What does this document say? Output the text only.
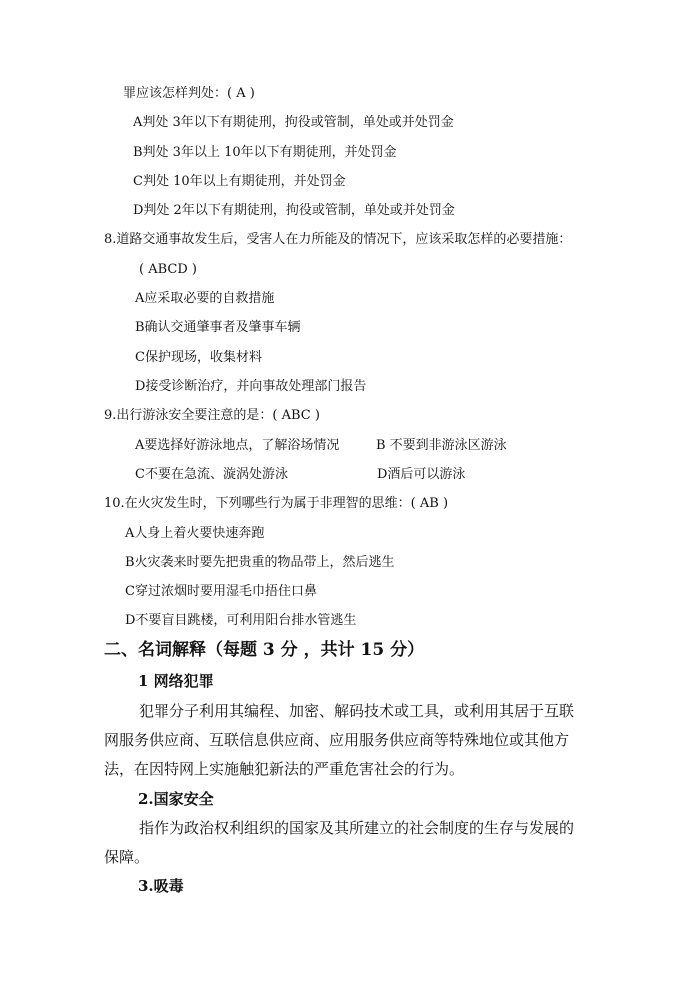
罪应该怎样判处：( A )
A判处 3年以下有期徒刑，拘役或管制，单处或并处罚金
B判处 3年以上 10年以下有期徒刑，并处罚金
C判处 10年以上有期徒刑，并处罚金
D判处 2年以下有期徒刑，拘役或管制，单处或并处罚金
8.道路交通事故发生后，受害人在力所能及的情况下，应该采取怎样的必要措施：
( ABCD )
A应采取必要的自救措施
B确认交通肇事者及肇事车辆
C保护现场，收集材料
D接受诊断治疗，并向事故处理部门报告
9.出行游泳安全要注意的是：( ABC )
A要选择好游泳地点，了解浴场情况	B 不要到非游泳区游泳
C不要在急流、漩涡处游泳	D酒后可以游泳
10.在火灾发生时，下列哪些行为属于非理智的思维：( AB )
A人身上着火要快速奔跑
B火灾袭来时要先把贵重的物品带上，然后逃生
C穿过浓烟时要用湿毛巾捂住口鼻
D不要盲目跳楼，可利用阳台排水管逃生
二、名词解释（每题 3 分 ，共计 15 分）
1 网络犯罪
犯罪分子利用其编程、加密、解码技术或工具，或利用其居于互联
网服务供应商、互联信息供应商、应用服务供应商等特殊地位或其他方
法，在因特网上实施触犯新法的严重危害社会的行为。
2.国家安全
指作为政治权利组织的国家及其所建立的社会制度的生存与发展的
保障。
3.吸毒
